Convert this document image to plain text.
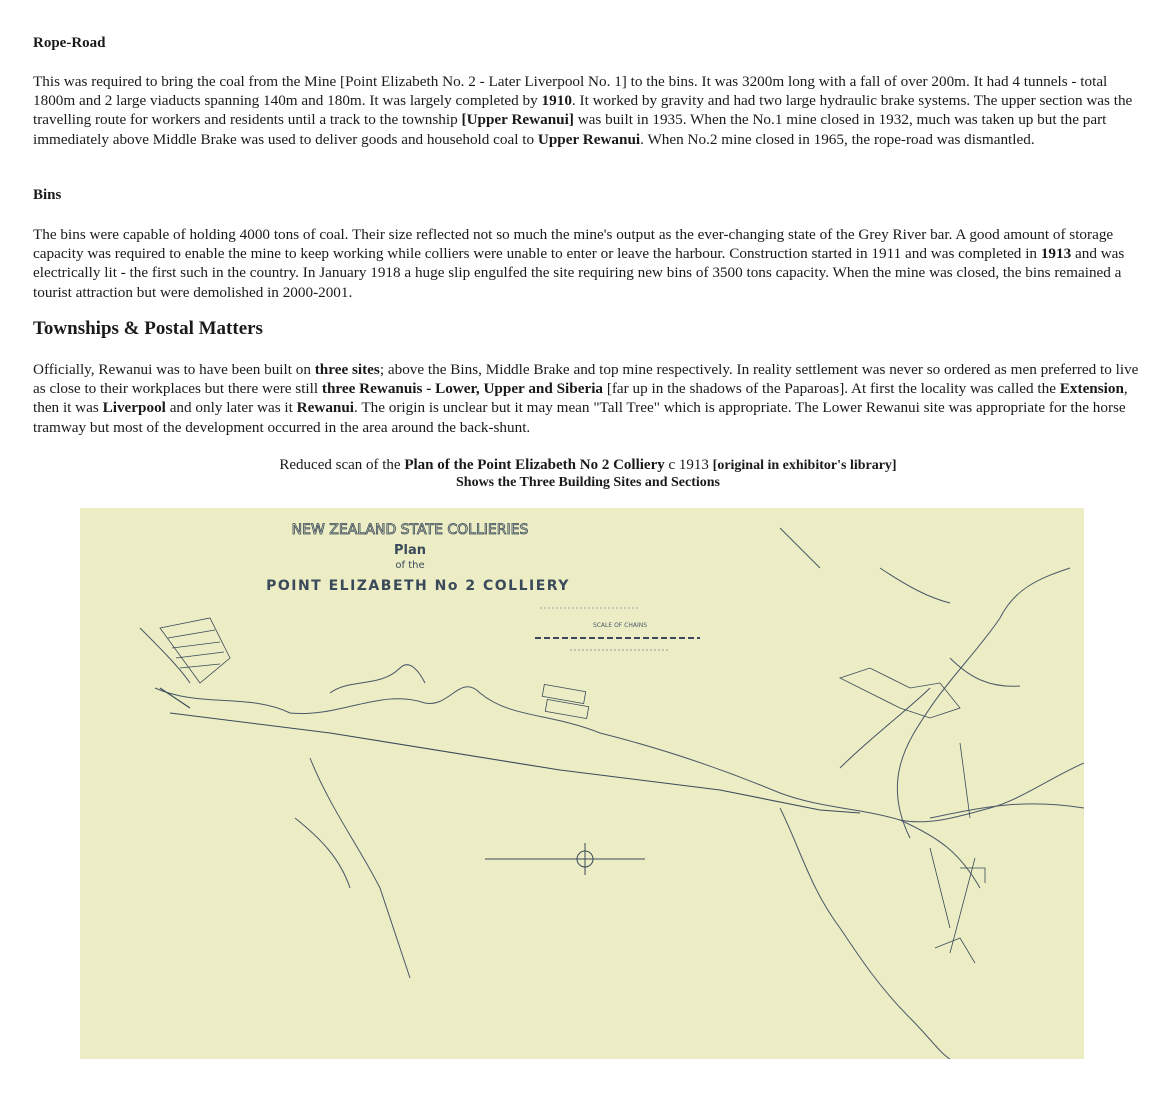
Rope-Road

This was required to bring the coal from the Mine [Point Elizabeth No. 2 - Later Liverpool No. 1] to the bins. It was 3200m long with a fall of over 200m. It had 4 tunnels - total 1800m and 2 large viaducts spanning 140m and 180m. It was largely completed by 1910. It worked by gravity and had two large hydraulic brake systems. The upper section was the travelling route for workers and residents until a track to the township [Upper Rewanui] was built in 1935. When the No.1 mine closed in 1932, much was taken up but the part immediately above Middle Brake was used to deliver goods and household coal to Upper Rewanui. When No.2 mine closed in 1965, the rope-road was dismantled.

Bins

The bins were capable of holding 4000 tons of coal. Their size reflected not so much the mine's output as the ever-changing state of the Grey River bar. A good amount of storage capacity was required to enable the mine to keep working while colliers were unable to enter or leave the harbour. Construction started in 1911 and was completed in 1913 and was electrically lit - the first such in the country. In January 1918 a huge slip engulfed the site requiring new bins of 3500 tons capacity. When the mine was closed, the bins remained a tourist attraction but were demolished in 2000-2001.

Townships & Postal Matters

Officially, Rewanui was to have been built on three sites; above the Bins, Middle Brake and top mine respectively. In reality settlement was never so ordered as men preferred to live as close to their workplaces but there were still three Rewanuis - Lower, Upper and Siberia [far up in the shadows of the Paparoas]. At first the locality was called the Extension, then it was Liverpool and only later was it Rewanui. The origin is unclear but it may mean "Tall Tree" which is appropriate. The Lower Rewanui site was appropriate for the horse tramway but most of the development occurred in the area around the back-shunt.

Reduced scan of the Plan of the Point Elizabeth No 2 Colliery c 1913 [original in exhibitor's library]
Shows the Three Building Sites and Sections
NEW ZEALAND STATE COLLIERIES
Plan
of the
POINT ELIZABETH No 2 COLLIERY
SCALE OF CHAINS
